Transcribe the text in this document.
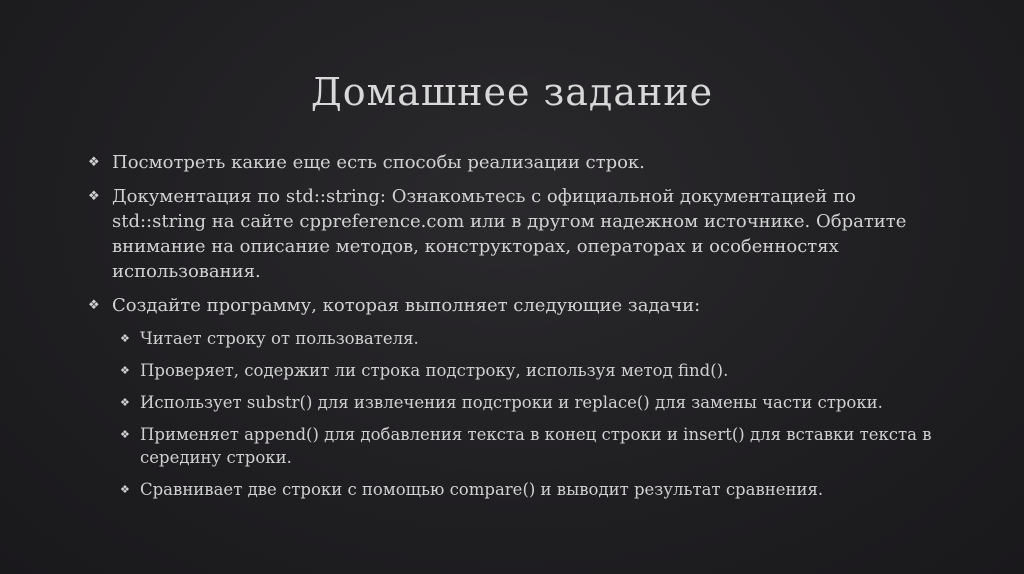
Домашнее задание
❖ Посмотреть какие еще есть способы реализации строк.
❖ Документация по std::string: Ознакомьтесь с официальной документацией по std::string на сайте cppreference.com или в другом надежном источнике. Обратите внимание на описание методов, конструкторах, операторах и особенностях использования.
❖ Создайте программу, которая выполняет следующие задачи:
❖ Читает строку от пользователя.
❖ Проверяет, содержит ли строка подстроку, используя метод find().
❖ Использует substr() для извлечения подстроки и replace() для замены части строки.
❖ Применяет append() для добавления текста в конец строки и insert() для вставки текста в середину строки.
❖ Сравнивает две строки с помощью compare() и выводит результат сравнения.
